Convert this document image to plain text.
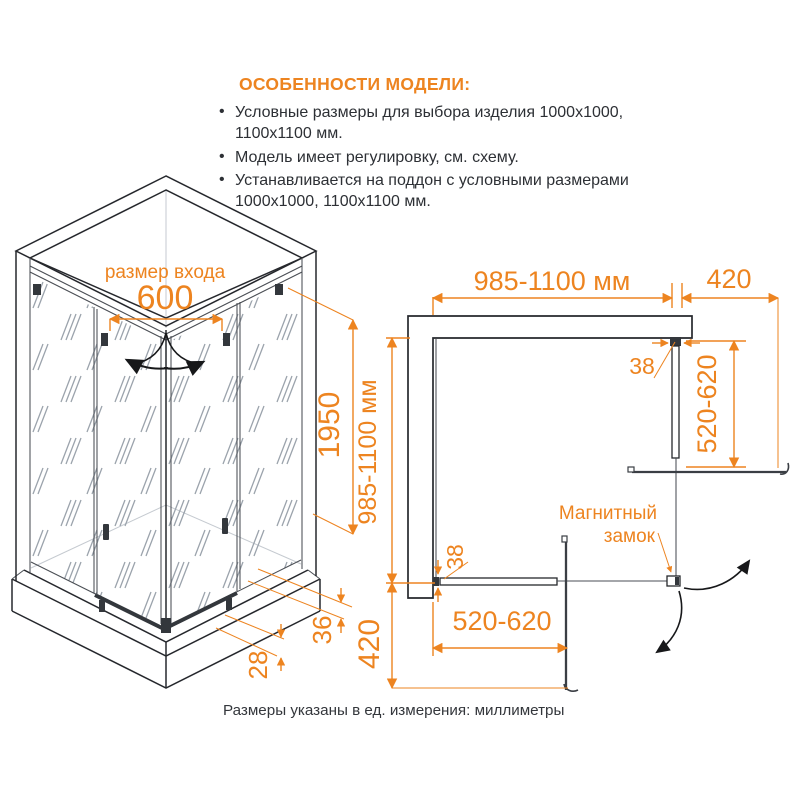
ОСОБЕННОСТИ МОДЕЛИ:
• Условные размеры для выбора изделия 1000х1000, 1100х1100 мм.
• Модель имеет регулировку, см. схему.
• Устанавливается на поддон с условными размерами 1000х1000, 1100х1100 мм.
размер входа
600
1950
36
28
985-1100 мм	420
38 520-620
985-1100 мм
420
38
520-620
Магнитный
замок
Размеры указаны в ед. измерения: миллиметры
